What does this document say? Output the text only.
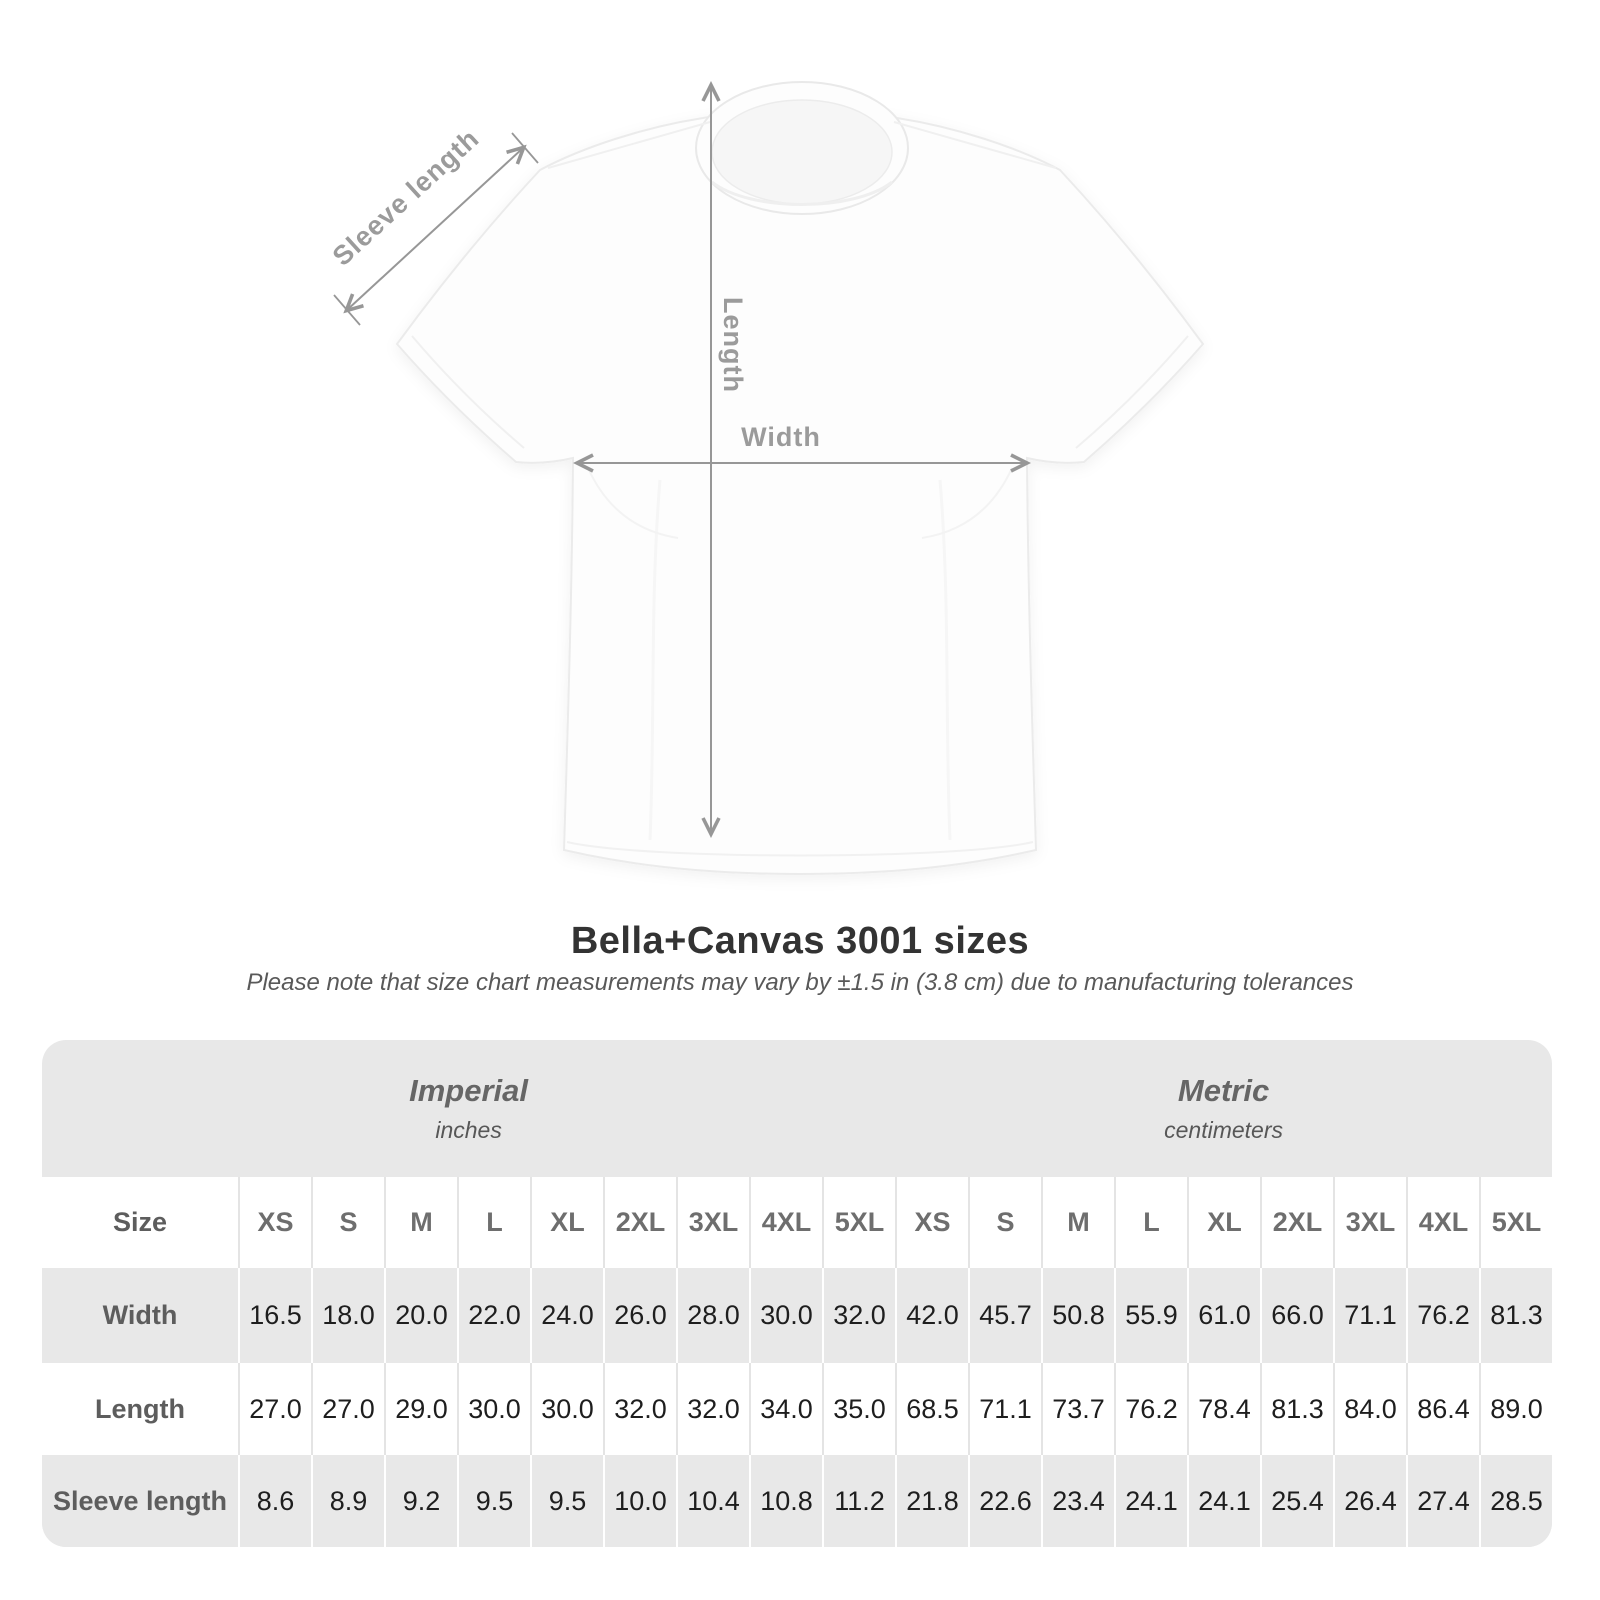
Sleeve length
Length
Width
Bella+Canvas 3001 sizes
Please note that size chart measurements may vary by ±1.5 in (3.8 cm) due to manufacturing tolerances
Imperial
inches
Metric
centimeters
Size	XS	S	M	L	XL	2XL 3XL 4XL 5XL	XS	S	M	L	XL	2XL 3XL 4XL 5XL
Width	16.5 18.0 20.0 22.0 24.0 26.0 28.0 30.0 32.0 42.0 45.7 50.8 55.9 61.0 66.0 71.1 76.2 81.3
Length	27.0 27.0 29.0 30.0 30.0 32.0 32.0 34.0 35.0 68.5 71.1 73.7 76.2 78.4 81.3 84.0 86.4 89.0
Sleeve length	8.6	8.9	9.2	9.5	9.5	10.0 10.4 10.8 11.2 21.8 22.6 23.4 24.1 24.1 25.4 26.4 27.4 28.5
